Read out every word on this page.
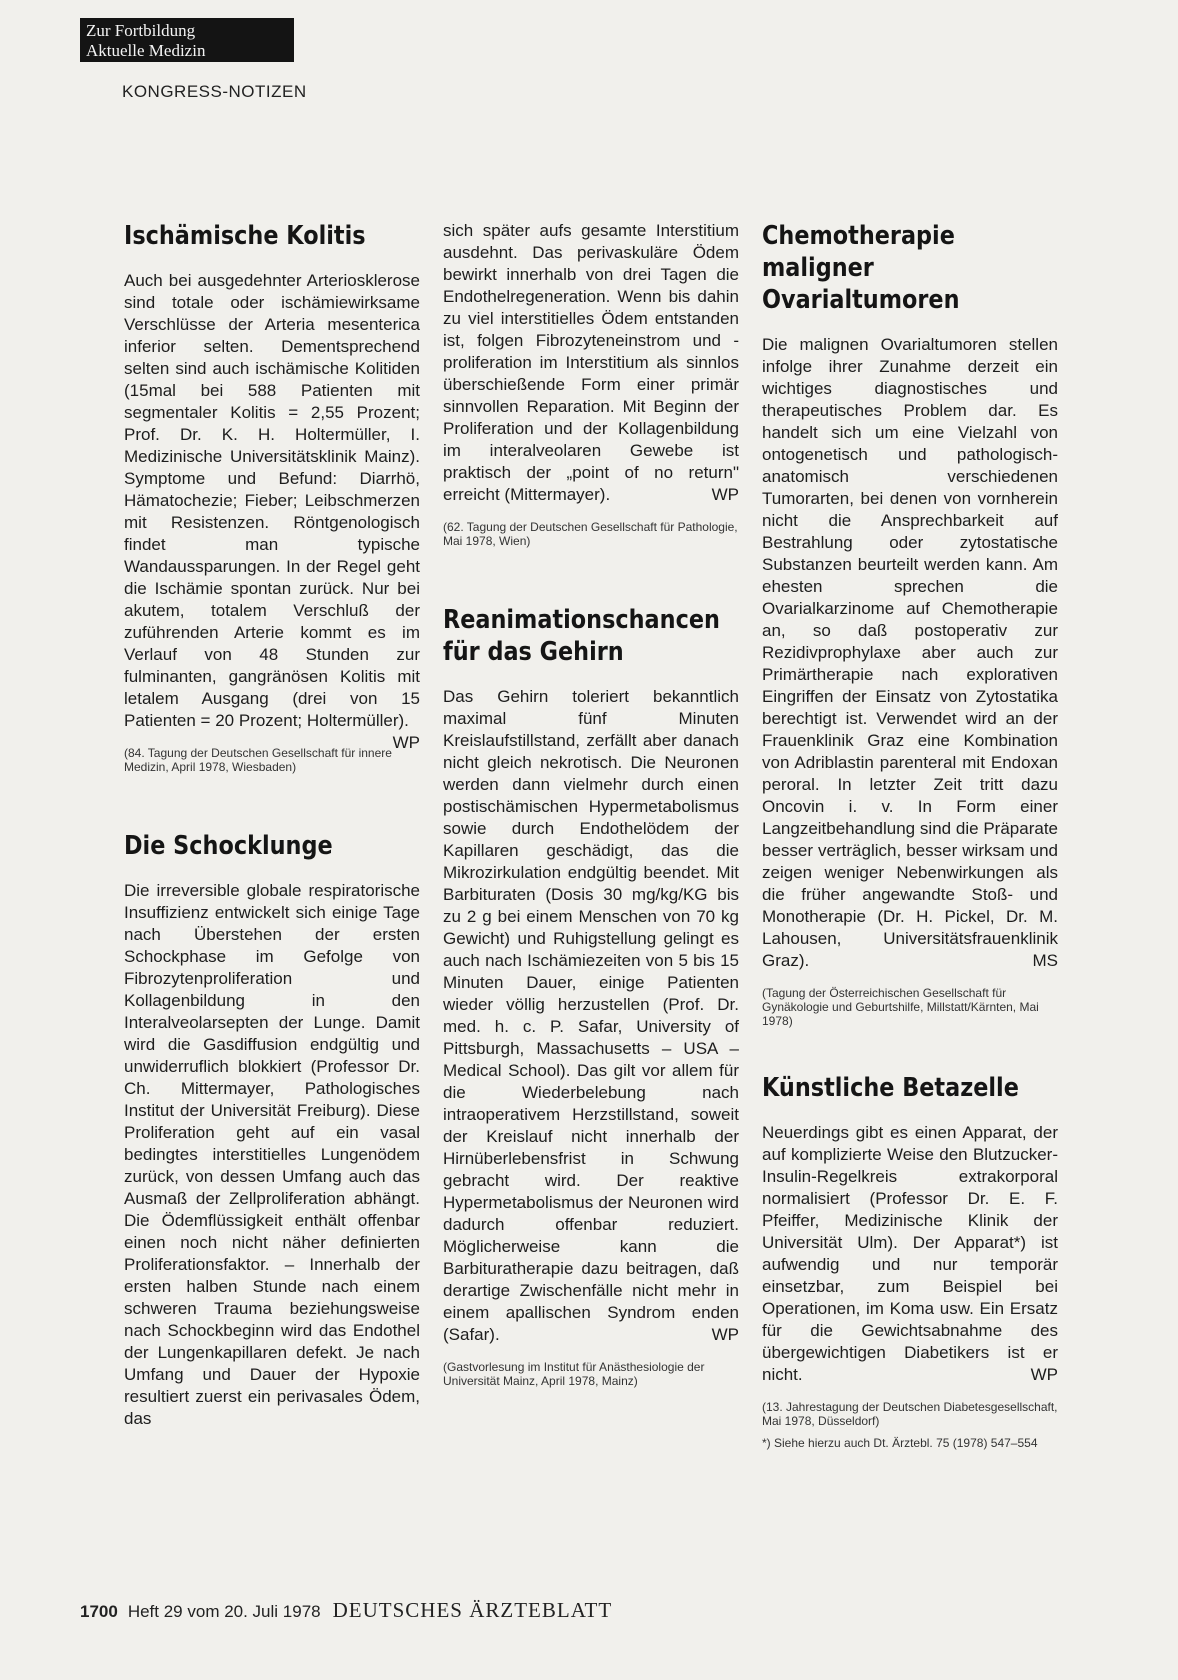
Zur Fortbildung
Aktuelle Medizin
KONGRESS-NOTIZEN
Ischämische Kolitis

Auch bei ausgedehnter Arteriosklerose sind totale oder ischämiewirksame Verschlüsse der Arteria mesenterica inferior selten. Dementsprechend selten sind auch ischämische Kolitiden (15mal bei 588 Patienten mit segmentaler Kolitis = 2,55 Prozent; Prof. Dr. K. H. Holtermüller, I. Medizinische Universitätsklinik Mainz). Symptome und Befund: Diarrhö, Hämatochezie; Fieber; Leibschmerzen mit Resistenzen. Röntgenologisch findet man typische Wandaussparungen. In der Regel geht die Ischämie spontan zurück. Nur bei akutem, totalem Verschluß der zuführenden Arterie kommt es im Verlauf von 48 Stunden zur fulminanten, gangränösen Kolitis mit letalem Ausgang (drei von 15 Patienten = 20 Prozent; Holtermüller).
WP

(84. Tagung der Deutschen Gesellschaft für innere Medizin, April 1978, Wiesbaden)

Die Schocklunge

Die irreversible globale respiratorische Insuffizienz entwickelt sich einige Tage nach Überstehen der ersten Schockphase im Gefolge von Fibrozytenproliferation und Kollagenbildung in den Interalveolarsepten der Lunge. Damit wird die Gasdiffusion endgültig und unwiderruflich blokkiert (Professor Dr. Ch. Mittermayer, Pathologisches Institut der Universität Freiburg). Diese Proliferation geht auf ein vasal bedingtes interstitielles Lungenödem zurück, von dessen Umfang auch das Ausmaß der Zellproliferation abhängt. Die Ödemflüssigkeit enthält offenbar einen noch nicht näher definierten Proliferationsfaktor. – Innerhalb der ersten halben Stunde nach einem schweren Trauma beziehungsweise nach Schockbeginn wird das Endothel der Lungenkapillaren defekt. Je nach Umfang und Dauer der Hypoxie resultiert zuerst ein perivasales Ödem, das

sich später aufs gesamte Interstitium ausdehnt. Das perivaskuläre Ödem bewirkt innerhalb von drei Tagen die Endothelregeneration. Wenn bis dahin zu viel interstitielles Ödem entstanden ist, folgen Fibrozyteneinstrom und -proliferation im Interstitium als sinnlos überschießende Form einer primär sinnvollen Reparation. Mit Beginn der Proliferation und der Kollagenbildung im interalveolaren Gewebe ist praktisch der „point of no return" erreicht (Mittermayer).	WP

(62. Tagung der Deutschen Gesellschaft für Pathologie, Mai 1978, Wien)

Reanimationschancen für das Gehirn

Das Gehirn toleriert bekanntlich maximal fünf Minuten Kreislaufstillstand, zerfällt aber danach nicht gleich nekrotisch. Die Neuronen werden dann vielmehr durch einen postischämischen Hypermetabolismus sowie durch Endothelödem der Kapillaren geschädigt, das die Mikrozirkulation endgültig beendet. Mit Barbituraten (Dosis 30 mg/kg/KG bis zu 2 g bei einem Menschen von 70 kg Gewicht) und Ruhigstellung gelingt es auch nach Ischämiezeiten von 5 bis 15 Minuten Dauer, einige Patienten wieder völlig herzustellen (Prof. Dr. med. h. c. P. Safar, University of Pittsburgh, Massachusetts – USA – Medical School). Das gilt vor allem für die Wiederbelebung nach intraoperativem Herzstillstand, soweit der Kreislauf nicht innerhalb der Hirnüberlebensfrist in Schwung gebracht wird. Der reaktive Hypermetabolismus der Neuronen wird dadurch offenbar reduziert. Möglicherweise kann die Barbituratherapie dazu beitragen, daß derartige Zwischenfälle nicht mehr in einem apallischen Syndrom enden (Safar).	WP

(Gastvorlesung im Institut für Anästhesiologie der Universität Mainz, April 1978, Mainz)

Chemotherapie maligner Ovarialtumoren

Die malignen Ovarialtumoren stellen infolge ihrer Zunahme derzeit ein wichtiges diagnostisches und therapeutisches Problem dar. Es handelt sich um eine Vielzahl von ontogenetisch und pathologisch-anatomisch verschiedenen Tumorarten, bei denen von vornherein nicht die Ansprechbarkeit auf Bestrahlung oder zytostatische Substanzen beurteilt werden kann. Am ehesten sprechen die Ovarialkarzinome auf Chemotherapie an, so daß postoperativ zur Rezidivprophylaxe aber auch zur Primärtherapie nach explorativen Eingriffen der Einsatz von Zytostatika berechtigt ist. Verwendet wird an der Frauenklinik Graz eine Kombination von Adriblastin parenteral mit Endoxan peroral. In letzter Zeit tritt dazu Oncovin i. v. In Form einer Langzeitbehandlung sind die Präparate besser verträglich, besser wirksam und zeigen weniger Nebenwirkungen als die früher angewandte Stoß- und Monotherapie (Dr. H. Pickel, Dr. M. Lahousen, Universitätsfrauenklinik Graz).	MS

(Tagung der Österreichischen Gesellschaft für Gynäkologie und Geburtshilfe, Millstatt/Kärnten, Mai 1978)

Künstliche Betazelle

Neuerdings gibt es einen Apparat, der auf komplizierte Weise den Blutzucker-Insulin-Regelkreis extrakorporal normalisiert (Professor Dr. E. F. Pfeiffer, Medizinische Klinik der Universität Ulm). Der Apparat*) ist aufwendig und nur temporär einsetzbar, zum Beispiel bei Operationen, im Koma usw. Ein Ersatz für die Gewichtsabnahme des übergewichtigen Diabetikers ist er nicht.	WP

(13. Jahrestagung der Deutschen Diabetesgesellschaft, Mai 1978, Düsseldorf)

*) Siehe hierzu auch Dt. Ärztebl. 75 (1978) 547–554

1700 Heft 29 vom 20. Juli 1978 DEUTSCHES ÄRZTEBLATT
